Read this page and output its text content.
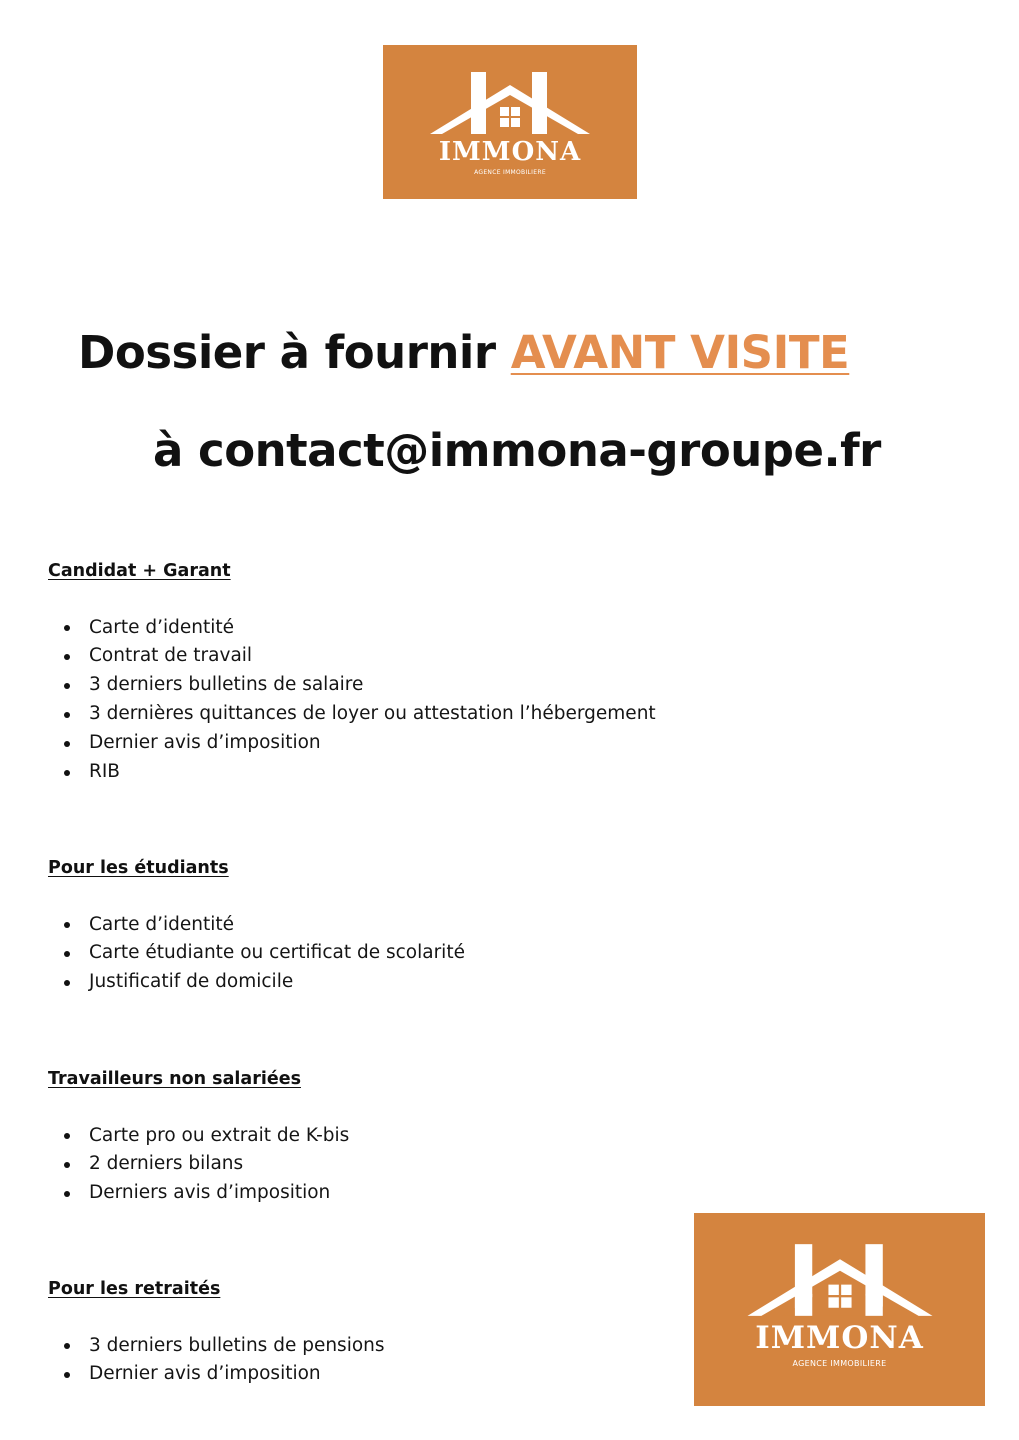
IMMONA
AGENCE IMMOBILIERE
Dossier à fournir AVANT VISITE
à contact@immona-groupe.fr
Candidat + Garant
Carte d’identité
Contrat de travail
3 derniers bulletins de salaire
3 dernières quittances de loyer ou attestation l’hébergement
Dernier avis d’imposition
RIB
Pour les étudiants
Carte d’identité
Carte étudiante ou certificat de scolarité
Justificatif de domicile
Travailleurs non salariées
Carte pro ou extrait de K-bis
2 derniers bilans
Derniers avis d’imposition
Pour les retraités
3 derniers bulletins de pensions
Dernier avis d’imposition
IMMONA
AGENCE IMMOBILIERE
